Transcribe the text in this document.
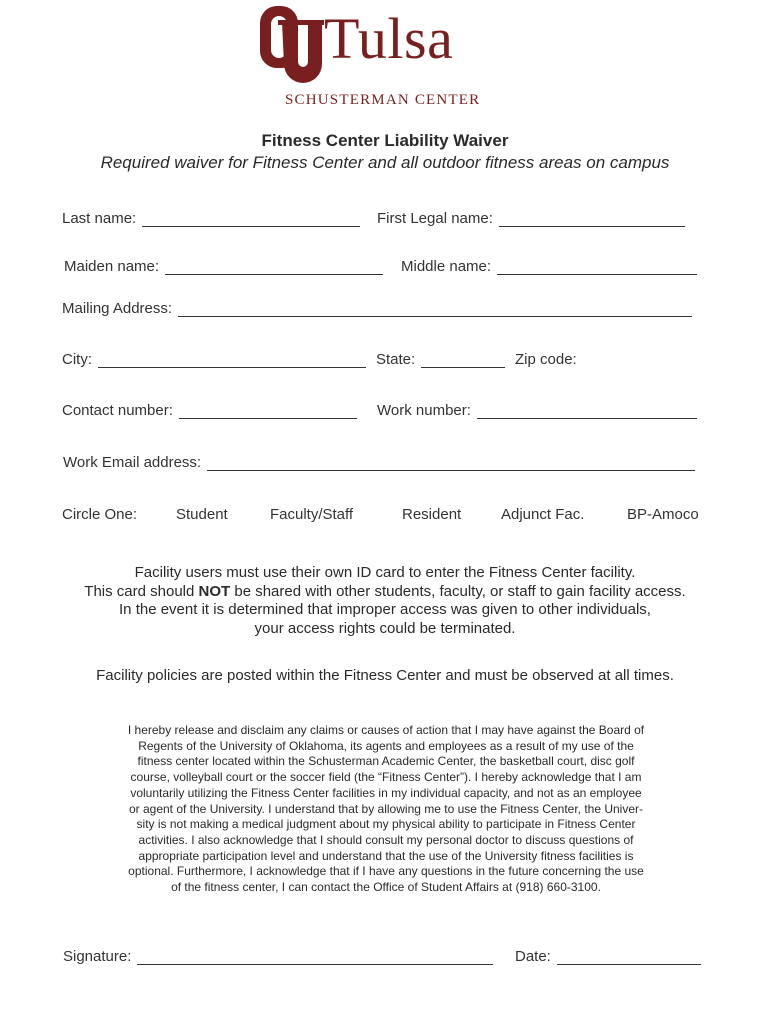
Tulsa
SCHUSTERMAN CENTER
Fitness Center Liability Waiver
Required waiver for Fitness Center and all outdoor fitness areas on campus
Last name:	First Legal name:
Maiden name:	Middle name:
Mailing Address:
City:	State:	Zip code:
Contact number:	Work number:
Work Email address:
Circle One:	Student	Faculty/Staff	Resident	Adjunct Fac.	BP-Amoco
Facility users must use their own ID card to enter the Fitness Center facility.
This card should NOT be shared with other students, faculty, or staff to gain facility access.
In the event it is determined that improper access was given to other individuals,
your access rights could be terminated.
Facility policies are posted within the Fitness Center and must be observed at all times.
I hereby release and disclaim any claims or causes of action that I may have against the Board of
Regents of the University of Oklahoma, its agents and employees as a result of my use of the
fitness center located within the Schusterman Academic Center, the basketball court, disc golf
course, volleyball court or the soccer field (the “Fitness Center”). I hereby acknowledge that I am
voluntarily utilizing the Fitness Center facilities in my individual capacity, and not as an employee
or agent of the University. I understand that by allowing me to use the Fitness Center, the Univer-
sity is not making a medical judgment about my physical ability to participate in Fitness Center
activities. I also acknowledge that I should consult my personal doctor to discuss questions of
appropriate participation level and understand that the use of the University fitness facilities is
optional. Furthermore, I acknowledge that if I have any questions in the future concerning the use
of the fitness center, I can contact the Office of Student Affairs at (918) 660-3100.
Signature:	Date:
